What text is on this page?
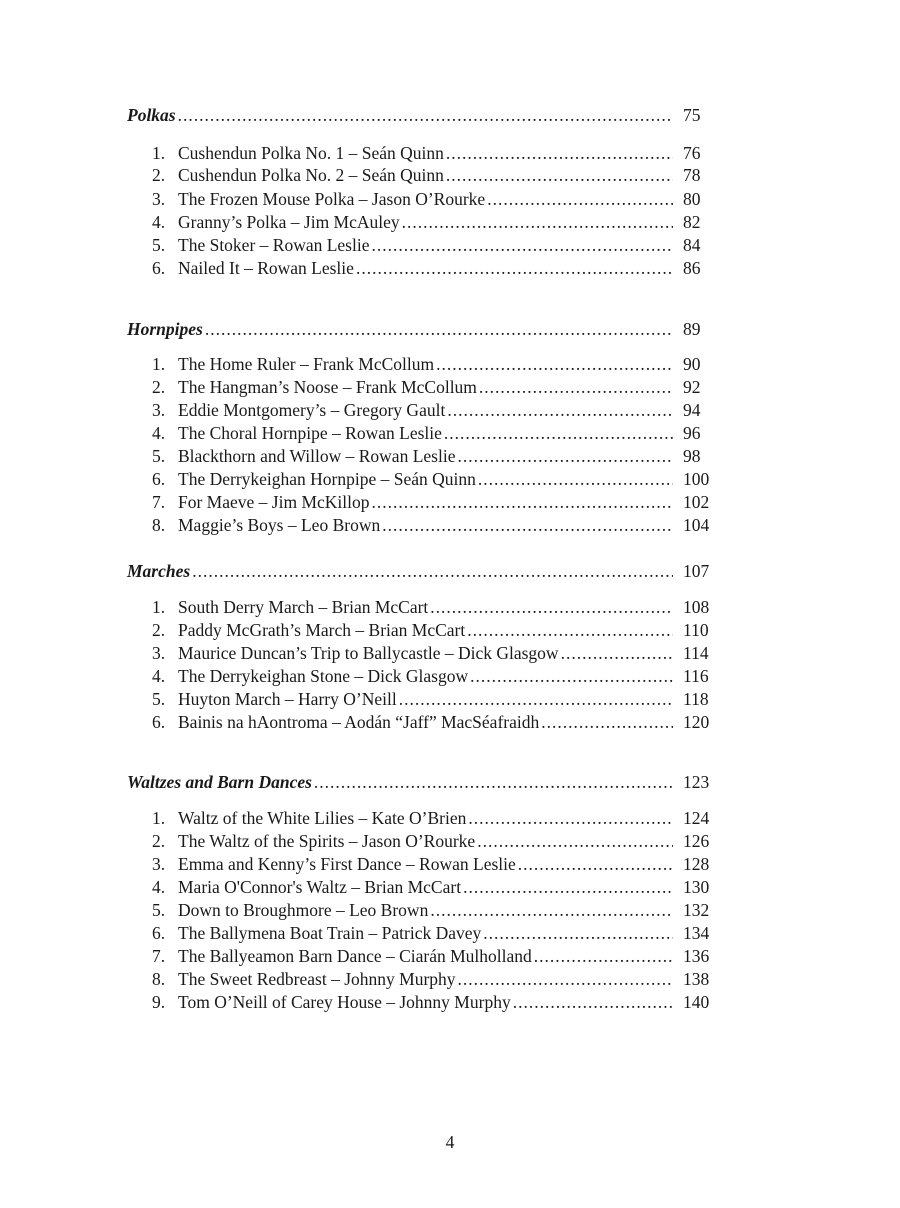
Polkas .....	75
1. Cushendun Polka No. 1 – Seán Quinn .....	76
2. Cushendun Polka No. 2 – Seán Quinn .....	78
3. The Frozen Mouse Polka – Jason O’Rourke .....	80
4. Granny’s Polka – Jim McAuley .....	82
5. The Stoker – Rowan Leslie .....	84
6. Nailed It – Rowan Leslie .....	86
Hornpipes .....	89
1. The Home Ruler – Frank McCollum .....	90
2. The Hangman’s Noose – Frank McCollum .....	92
3. Eddie Montgomery’s – Gregory Gault .....	94
4. The Choral Hornpipe – Rowan Leslie .....	96
5. Blackthorn and Willow – Rowan Leslie .....	98
6. The Derrykeighan Hornpipe – Seán Quinn .....	100
7. For Maeve – Jim McKillop .....	102
8. Maggie’s Boys – Leo Brown .....	104
Marches .....	107
1. South Derry March – Brian McCart .....	108
2. Paddy McGrath’s March – Brian McCart .....	110
3. Maurice Duncan’s Trip to Ballycastle – Dick Glasgow .....	114
4. The Derrykeighan Stone – Dick Glasgow .....	116
5. Huyton March – Harry O’Neill .....	118
6. Bainis na hAontroma – Aodán “Jaff” MacSéafraidh .....	120
Waltzes and Barn Dances .....	123
1. Waltz of the White Lilies – Kate O’Brien .....	124
2. The Waltz of the Spirits – Jason O’Rourke .....	126
3. Emma and Kenny’s First Dance – Rowan Leslie .....	128
4. Maria O'Connor's Waltz – Brian McCart .....	130
5. Down to Broughmore – Leo Brown .....	132
6. The Ballymena Boat Train – Patrick Davey .....	134
7. The Ballyeamon Barn Dance – Ciarán Mulholland .....	136
8. The Sweet Redbreast – Johnny Murphy .....	138
9. Tom O’Neill of Carey House – Johnny Murphy .....	140
4
